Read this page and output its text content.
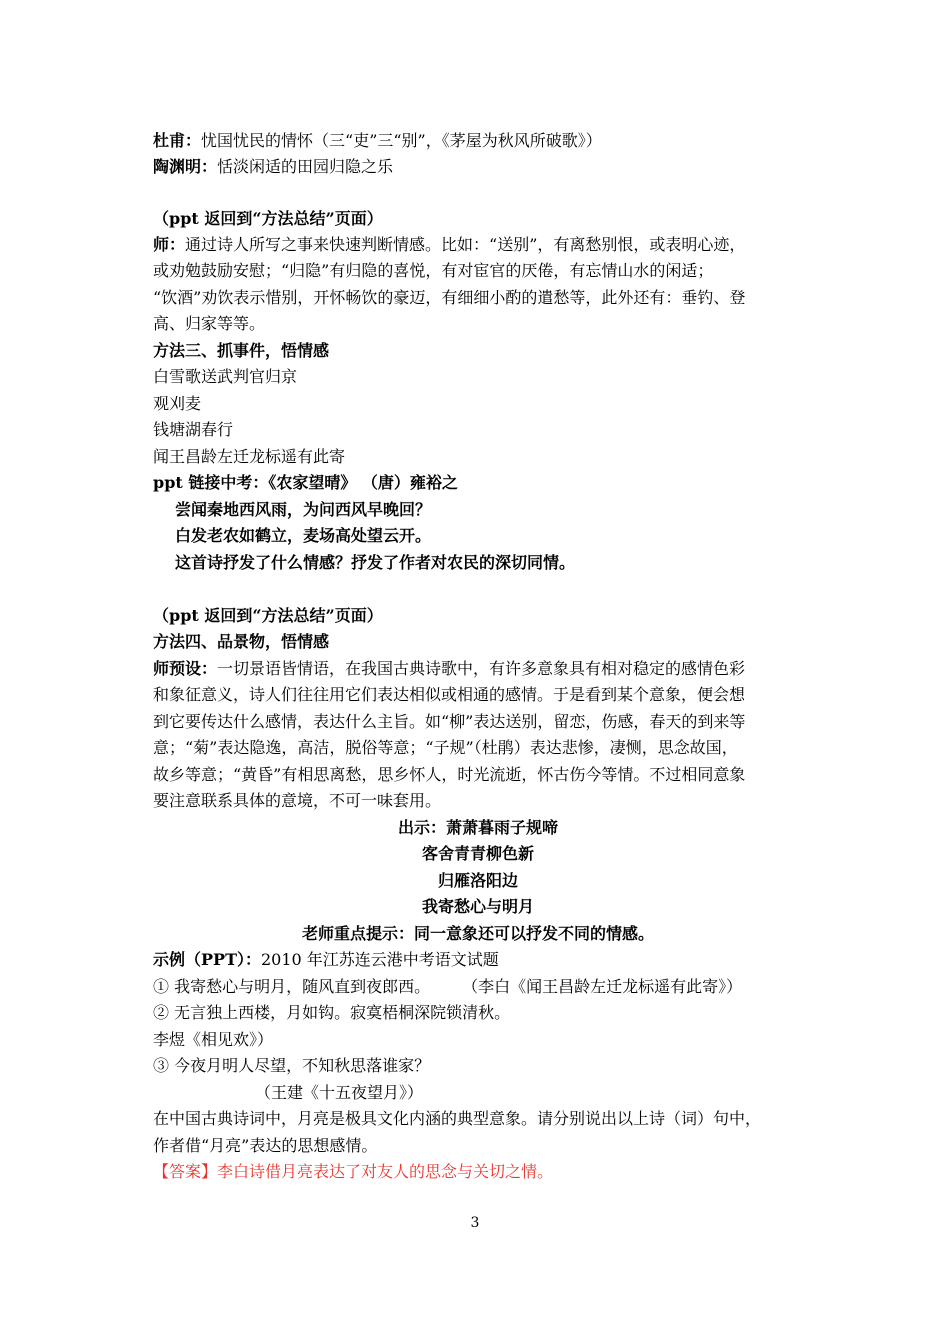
杜甫：忧国忧民的情怀（三“吏”三“别”，《茅屋为秋风所破歌》）
陶渊明：恬淡闲适的田园归隐之乐
（ppt 返回到“方法总结”页面）
师：通过诗人所写之事来快速判断情感。比如：“送别”，有离愁别恨，或表明心迹，
或劝勉鼓励安慰；“归隐”有归隐的喜悦，有对宦官的厌倦，有忘情山水的闲适；
“饮酒”劝饮表示惜别，开怀畅饮的豪迈，有细细小酌的遣愁等，此外还有：垂钓、登
高、归家等等。
方法三、抓事件，悟情感
白雪歌送武判官归京
观刈麦
钱塘湖春行
闻王昌龄左迁龙标遥有此寄
ppt 链接中考：《农家望晴》 （唐）雍裕之
尝闻秦地西风雨，为问西风早晚回？
白发老农如鹤立，麦场高处望云开。
这首诗抒发了什么情感？抒发了作者对农民的深切同情。
（ppt 返回到“方法总结”页面）
方法四、品景物，悟情感
师预设：一切景语皆情语，在我国古典诗歌中，有许多意象具有相对稳定的感情色彩
和象征意义，诗人们往往用它们表达相似或相通的感情。于是看到某个意象，便会想
到它要传达什么感情，表达什么主旨。如“柳”表达送别，留恋，伤感，春天的到来等
意；“菊”表达隐逸，高洁，脱俗等意；“子规”（杜鹃）表达悲惨，凄恻，思念故国，
故乡等意；“黄昏”有相思离愁，思乡怀人，时光流逝，怀古伤今等情。不过相同意象
要注意联系具体的意境，不可一味套用。
出示：萧萧暮雨子规啼
客舍青青柳色新
归雁洛阳边
我寄愁心与明月
老师重点提示：同一意象还可以抒发不同的情感。
示例（PPT）：2010 年江苏连云港中考语文试题
① 我寄愁心与明月，随风直到夜郎西。　　　（李白《闻王昌龄左迁龙标遥有此寄》）
② 无言独上西楼，月如钩。寂寞梧桐深院锁清秋。
李煜《相见欢》）
③ 今夜月明人尽望，不知秋思落谁家？
（王建《十五夜望月》）
在中国古典诗词中，月亮是极具文化内涵的典型意象。请分别说出以上诗（词）句中，
作者借“月亮”表达的思想感情。
【答案】李白诗借月亮表达了对友人的思念与关切之情。
3
